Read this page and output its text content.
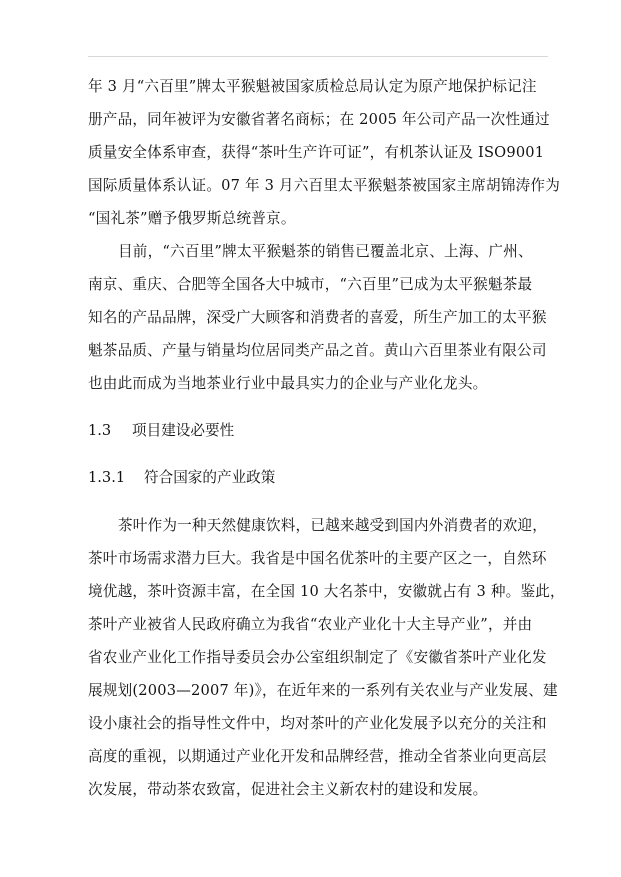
年 3 月“六百里”牌太平猴魁被国家质检总局认定为原产地保护标记注
册产品，同年被评为安徽省著名商标；在 2005 年公司产品一次性通过
质量安全体系审查，获得“茶叶生产许可证”，有机茶认证及 ISO9001
国际质量体系认证。07 年 3 月六百里太平猴魁茶被国家主席胡锦涛作为
“国礼茶”赠予俄罗斯总统普京。
目前，“六百里”牌太平猴魁茶的销售已覆盖北京、上海、广州、
南京、重庆、合肥等全国各大中城市，“六百里”已成为太平猴魁茶最
知名的产品品牌，深受广大顾客和消费者的喜爱，所生产加工的太平猴
魁茶品质、产量与销量均位居同类产品之首。黄山六百里茶业有限公司
也由此而成为当地茶业行业中最具实力的企业与产业化龙头。
1.3 项目建设必要性
1.3.1 符合国家的产业政策
茶叶作为一种天然健康饮料，已越来越受到国内外消费者的欢迎，
茶叶市场需求潜力巨大。我省是中国名优茶叶的主要产区之一，自然环
境优越，茶叶资源丰富，在全国 10 大名茶中，安徽就占有 3 种。鉴此，
茶叶产业被省人民政府确立为我省“农业产业化十大主导产业”，并由
省农业产业化工作指导委员会办公室组织制定了《安徽省茶叶产业化发
展规划(2003—2007 年)》，在近年来的一系列有关农业与产业发展、建
设小康社会的指导性文件中，均对茶叶的产业化发展予以充分的关注和
高度的重视，以期通过产业化开发和品牌经营，推动全省茶业向更高层
次发展，带动茶农致富，促进社会主义新农村的建设和发展。
